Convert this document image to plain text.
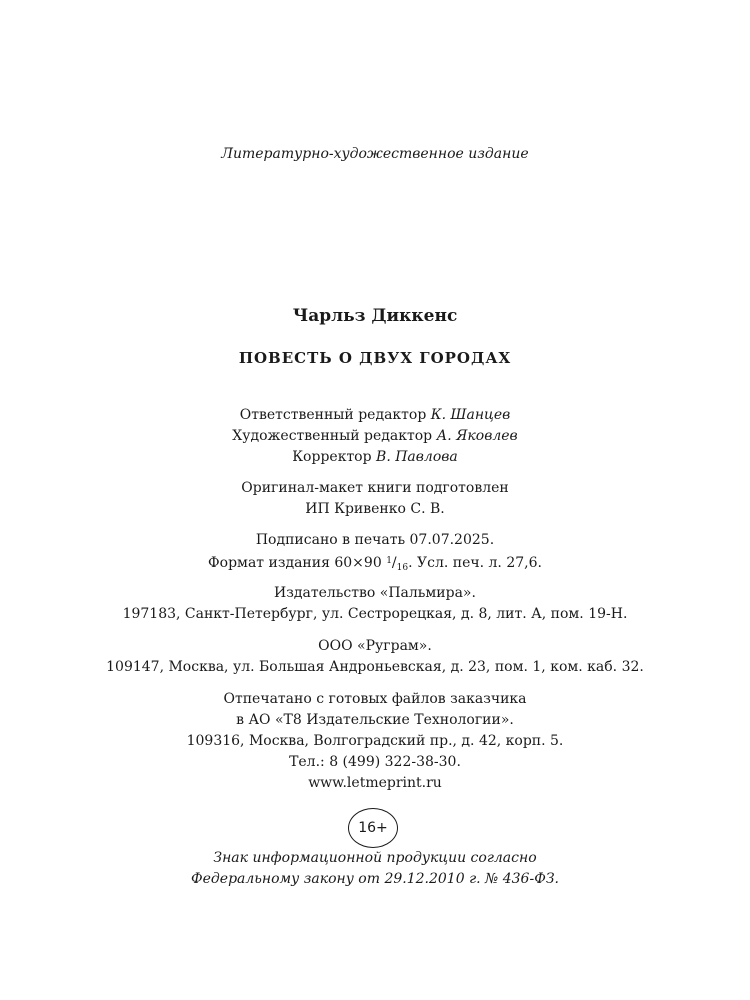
Литературно-художественное издание
Чарльз Диккенс
ПОВЕСТЬ О ДВУХ ГОРОДАХ
Ответственный редактор К. Шанцев
Художественный редактор А. Яковлев
Корректор В. Павлова
Оригинал-макет книги подготовлен
ИП Кривенко С. В.
Подписано в печать 07.07.2025.
Формат издания 60×90 $^1/_{16}$. Усл. печ. л. 27,6.
Издательство «Пальмира».
197183, Санкт-Петербург, ул. Сестрорецкая, д. 8, лит. А, пом. 19-Н.
ООО «Руграм».
109147, Москва, ул. Большая Андроньевская, д. 23, пом. 1, ком. каб. 32.
Отпечатано с готовых файлов заказчика
в АО «Т8 Издательские Технологии».
109316, Москва, Волгоградский пр., д. 42, корп. 5.
Тел.: 8 (499) 322-38-30.
www.letmeprint.ru
16+
Знак информационной продукции согласно
Федеральному закону от 29.12.2010 г. № 436-ФЗ.
